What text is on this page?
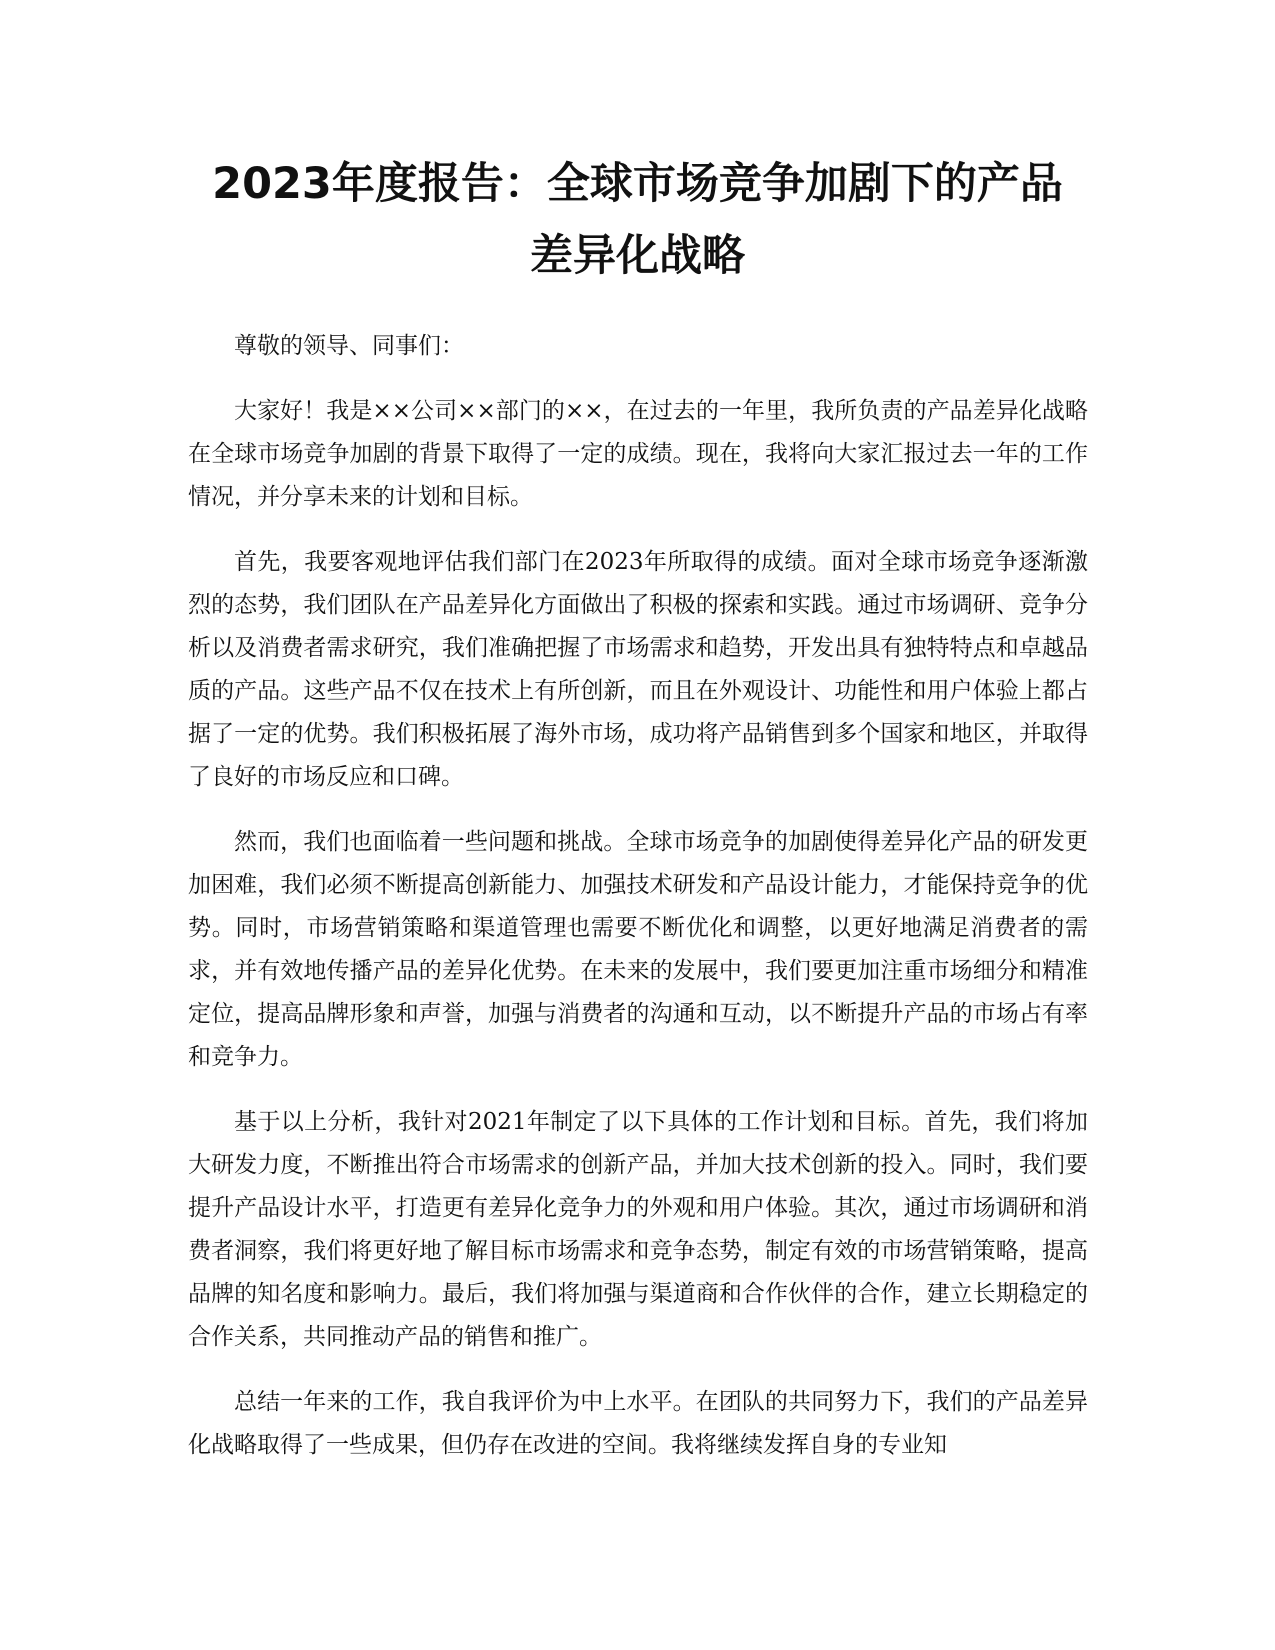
2023年度报告：全球市场竞争加剧下的产品
差异化战略

尊敬的领导、同事们：

大家好！我是××公司××部门的××，在过去的一年里，我所负责的产品差异化战略在全球市场竞争加剧的背景下取得了一定的成绩。现在，我将向大家汇报过去一年的工作情况，并分享未来的计划和目标。

首先，我要客观地评估我们部门在2023年所取得的成绩。面对全球市场竞争逐渐激烈的态势，我们团队在产品差异化方面做出了积极的探索和实践。通过市场调研、竞争分析以及消费者需求研究，我们准确把握了市场需求和趋势，开发出具有独特特点和卓越品质的产品。这些产品不仅在技术上有所创新，而且在外观设计、功能性和用户体验上都占据了一定的优势。我们积极拓展了海外市场，成功将产品销售到多个国家和地区，并取得了良好的市场反应和口碑。

然而，我们也面临着一些问题和挑战。全球市场竞争的加剧使得差异化产品的研发更加困难，我们必须不断提高创新能力、加强技术研发和产品设计能力，才能保持竞争的优势。同时，市场营销策略和渠道管理也需要不断优化和调整，以更好地满足消费者的需求，并有效地传播产品的差异化优势。在未来的发展中，我们要更加注重市场细分和精准定位，提高品牌形象和声誉，加强与消费者的沟通和互动，以不断提升产品的市场占有率和竞争力。

基于以上分析，我针对2021年制定了以下具体的工作计划和目标。首先，我们将加大研发力度，不断推出符合市场需求的创新产品，并加大技术创新的投入。同时，我们要提升产品设计水平，打造更有差异化竞争力的外观和用户体验。其次，通过市场调研和消费者洞察，我们将更好地了解目标市场需求和竞争态势，制定有效的市场营销策略，提高品牌的知名度和影响力。最后，我们将加强与渠道商和合作伙伴的合作，建立长期稳定的合作关系，共同推动产品的销售和推广。

总结一年来的工作，我自我评价为中上水平。在团队的共同努力下，我们的产品差异化战略取得了一些成果，但仍存在改进的空间。我将继续发挥自身的专业知
